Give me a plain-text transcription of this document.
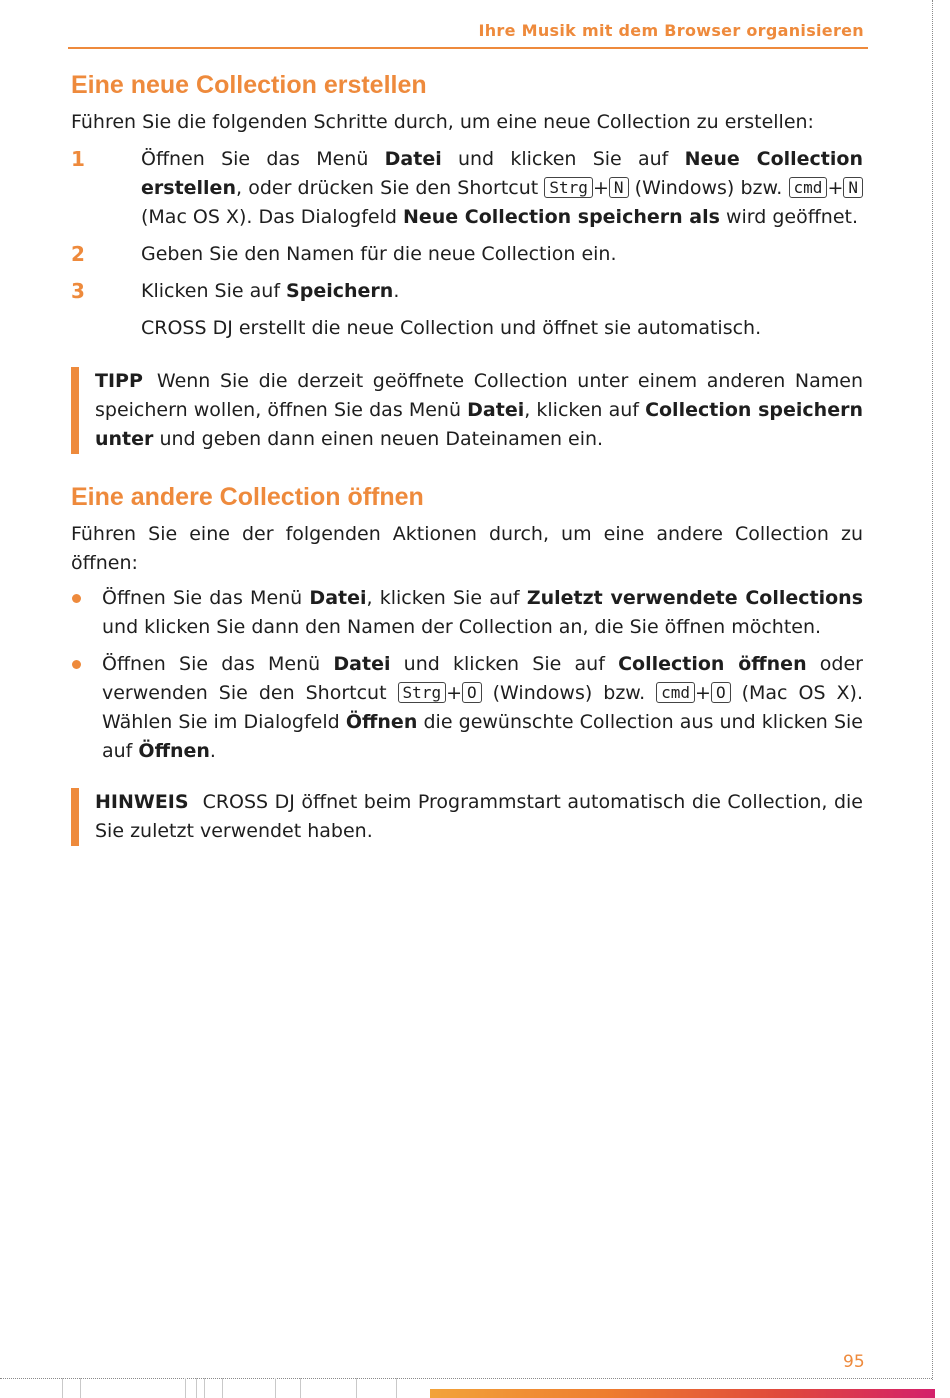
Ihre Musik mit dem Browser organisieren
Eine neue Collection erstellen

Führen Sie die folgenden Schritte durch, um eine neue Collection zu erstellen:

1	Öffnen Sie das Menü Datei und klicken Sie auf Neue Collection erstellen, oder drücken Sie den Shortcut Strg + N (Windows) bzw. cmd + N (Mac OS X). Das Dialogfeld Neue Collection speichern als wird geöffnet.

2	Geben Sie den Namen für die neue Collection ein.

3	Klicken Sie auf Speichern.

CROSS DJ erstellt die neue Collection und öffnet sie automatisch.

TIPP Wenn Sie die derzeit geöffnete Collection unter einem anderen Namen speichern wollen, öffnen Sie das Menü Datei, klicken auf Collection speichern unter und geben dann einen neuen Dateinamen ein.

Eine andere Collection öffnen

Führen Sie eine der folgenden Aktionen durch, um eine andere Collection zu öffnen:

Öffnen Sie das Menü Datei, klicken Sie auf Zuletzt verwendete Collections und klicken Sie dann den Namen der Collection an, die Sie öffnen möchten.

Öffnen Sie das Menü Datei und klicken Sie auf Collection öffnen oder verwenden Sie den Shortcut Strg + O (Windows) bzw. cmd + O (Mac OS X). Wählen Sie im Dialogfeld Öffnen die gewünschte Collection aus und klicken Sie auf Öffnen.

HINWEIS CROSS DJ öffnet beim Programmstart automatisch die Collection, die Sie zuletzt verwendet haben.

95
